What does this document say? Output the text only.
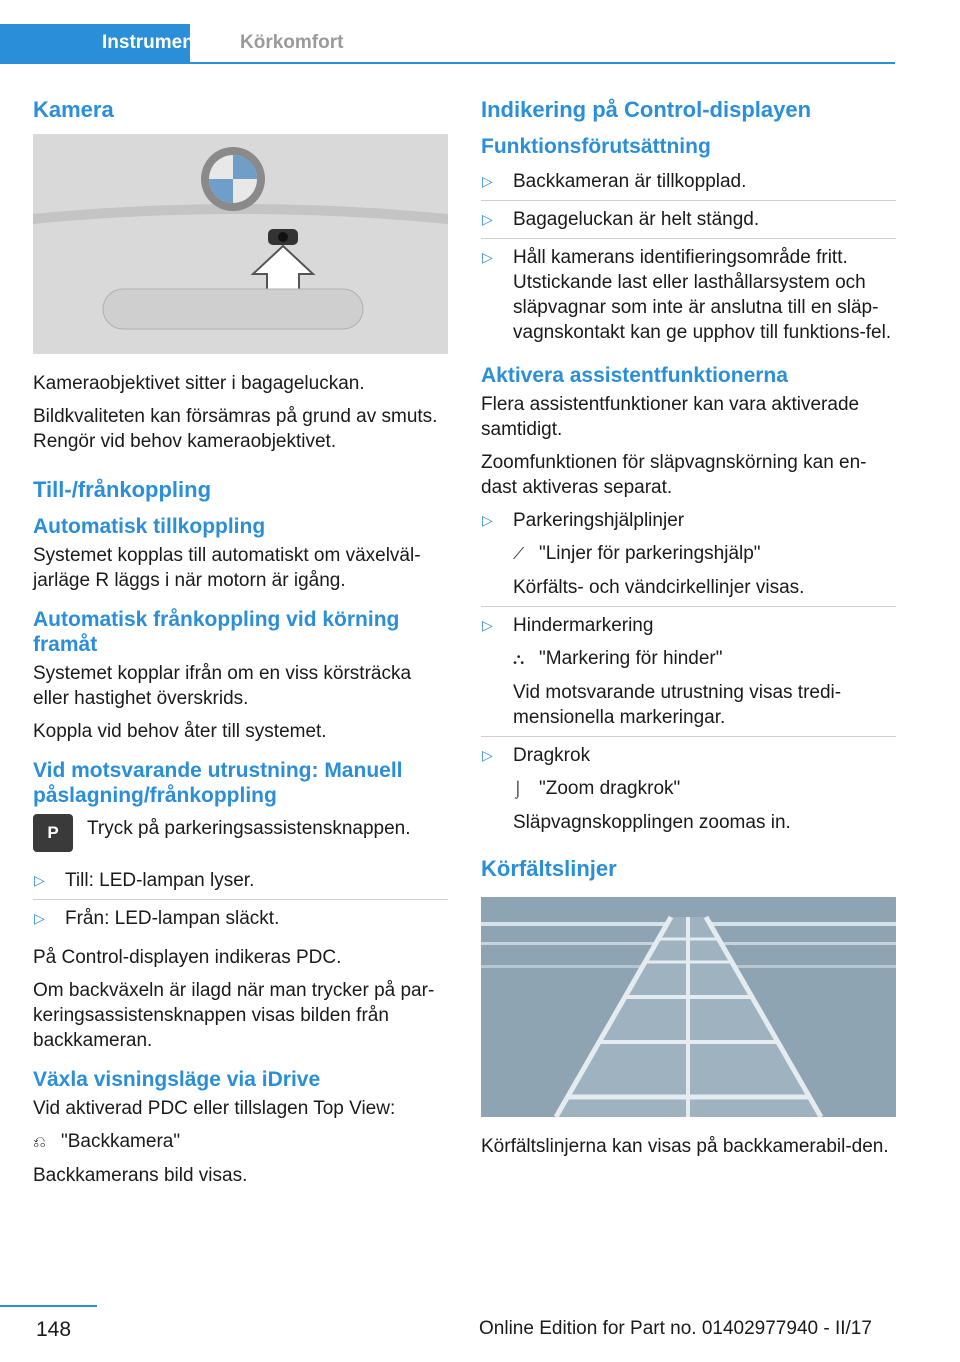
Instrument	Körkomfort
Kamera

Kameraobjektivet sitter i bagageluckan.

Bildkvaliteten kan försämras på grund av smuts. Rengör vid behov kameraobjektivet.

Till-/frånkoppling
Automatisk tillkoppling

Systemet kopplas till automatiskt om växelväl‐jarläge R läggs i när motorn är igång.

Automatisk frånkoppling vid körning framåt

Systemet kopplar ifrån om en viss körsträcka eller hastighet överskrids.

Koppla vid behov åter till systemet.

Vid motsvarande utrustning: Manuell påslagning/frånkoppling
P	Tryck på parkeringsassistensknappen.

▷ Till: LED-lampan lyser.
▷ Från: LED-lampan släckt.

På Control-displayen indikeras PDC.

Om backväxeln är ilagd när man trycker på par‐keringsassistensknappen visas bilden från backkameran.

Växla visningsläge via iDrive

Vid aktiverad PDC eller tillslagen Top View:

⎌ "Backkamera"

Backkamerans bild visas.

Indikering på Control-displayen
Funktionsförutsättning
▷ Backkameran är tillkopplad.
▷ Bagageluckan är helt stängd.
▷ Håll kamerans identifieringsområde fritt. Utstickande last eller lasthållarsystem och släpvagnar som inte är anslutna till en släp‐vagnskontakt kan ge upphov till funktions‐fel.
Aktivera assistentfunktionerna

Flera assistentfunktioner kan vara aktiverade samtidigt.

Zoomfunktionen för släpvagnskörning kan en‐dast aktiveras separat.

▷ Parkeringshjälplinjer
⟋ "Linjer för parkeringshjälp"
Körfälts- och vändcirkellinjer visas.
▷ Hindermarkering
⛬ "Markering för hinder"
Vid motsvarande utrustning visas tredi‐mensionella markeringar.
▷ Dragkrok
⌡ "Zoom dragkrok"
Släpvagnskopplingen zoomas in.
Körfältslinjer

Körfältslinjerna kan visas på backkamerabil‐den.

148	Online Edition for Part no. 01402977940 - II/17
